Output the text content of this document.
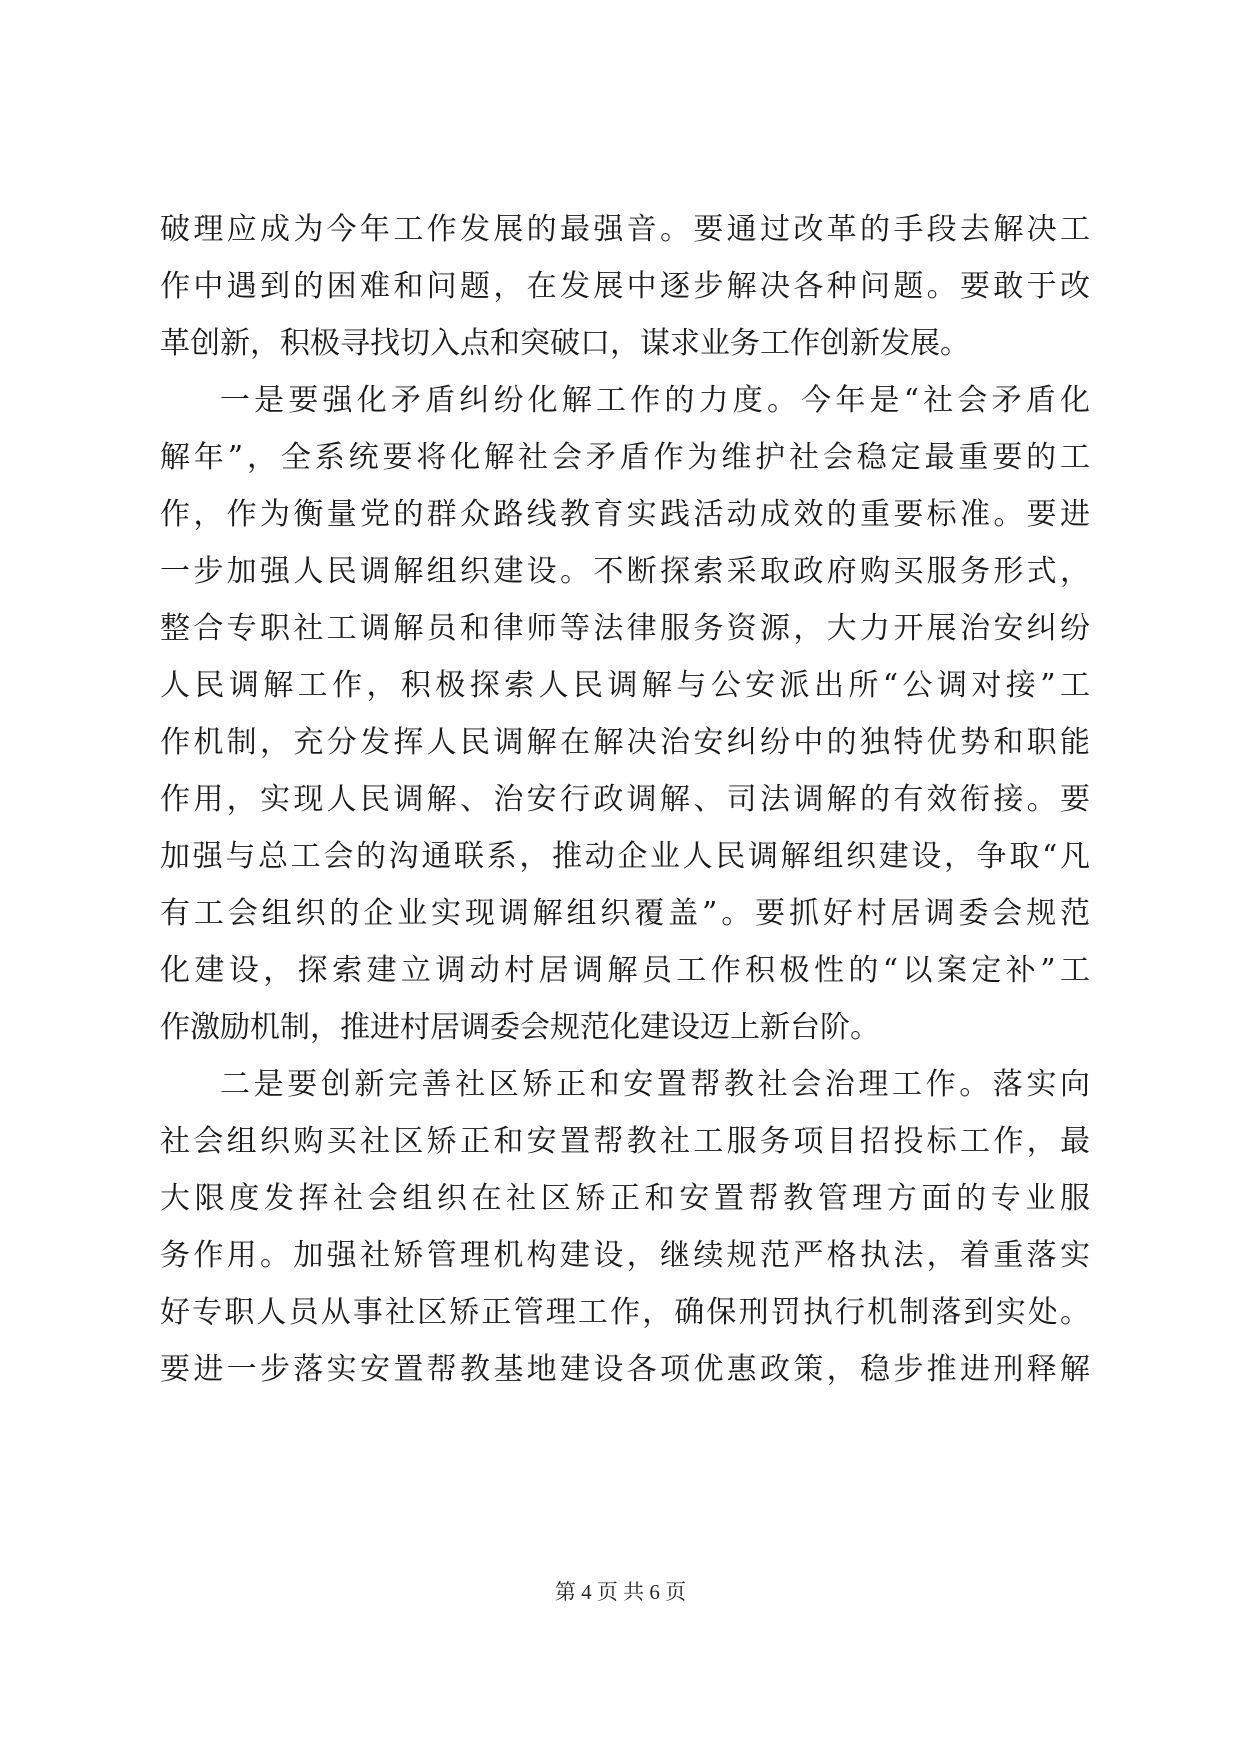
破理应成为今年工作发展的最强音。要通过改革的手段去解决工
作中遇到的困难和问题，在发展中逐步解决各种问题。要敢于改
革创新，积极寻找切入点和突破口，谋求业务工作创新发展。
一是要强化矛盾纠纷化解工作的力度。今年是“社会矛盾化
解年”，全系统要将化解社会矛盾作为维护社会稳定最重要的工
作，作为衡量党的群众路线教育实践活动成效的重要标准。要进
一步加强人民调解组织建设。不断探索采取政府购买服务形式，
整合专职社工调解员和律师等法律服务资源，大力开展治安纠纷
人民调解工作，积极探索人民调解与公安派出所“公调对接”工
作机制，充分发挥人民调解在解决治安纠纷中的独特优势和职能
作用，实现人民调解、治安行政调解、司法调解的有效衔接。要
加强与总工会的沟通联系，推动企业人民调解组织建设，争取“凡
有工会组织的企业实现调解组织覆盖”。要抓好村居调委会规范
化建设，探索建立调动村居调解员工作积极性的“以案定补”工
作激励机制，推进村居调委会规范化建设迈上新台阶。
二是要创新完善社区矫正和安置帮教社会治理工作。落实向
社会组织购买社区矫正和安置帮教社工服务项目招投标工作，最
大限度发挥社会组织在社区矫正和安置帮教管理方面的专业服
务作用。加强社矫管理机构建设，继续规范严格执法，着重落实
好专职人员从事社区矫正管理工作，确保刑罚执行机制落到实处。
要进一步落实安置帮教基地建设各项优惠政策，稳步推进刑释解
第 4 页 共 6 页
